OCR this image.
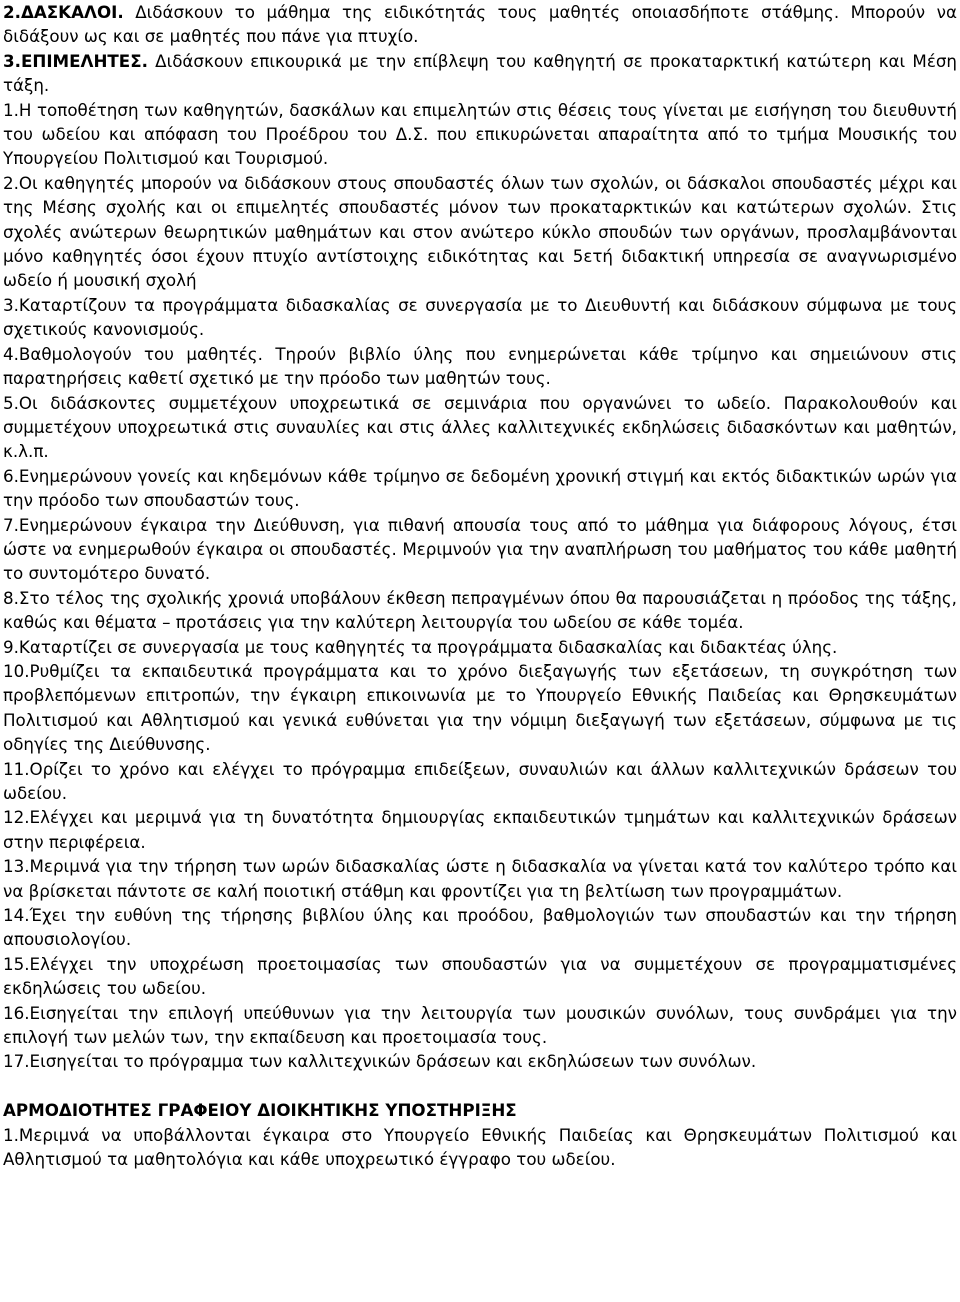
2.ΔΑΣΚΑΛΟΙ. Διδάσκουν το μάθημα της ειδικότητάς τους μαθητές οποιασδήποτε στάθμης. Μπορούν να διδάξουν ως και σε μαθητές που πάνε για πτυχίο.

3.ΕΠΙΜΕΛΗΤΕΣ. Διδάσκουν επικουρικά με την επίβλεψη του καθηγητή σε προκαταρκτική κατώτερη και Μέση τάξη.

1.Η τοποθέτηση των καθηγητών, δασκάλων και επιμελητών στις θέσεις τους γίνεται με εισήγηση του διευθυντή του ωδείου και απόφαση του Προέδρου του Δ.Σ. που επικυρώνεται απαραίτητα από το τμήμα Μουσικής του Υπουργείου Πολιτισμού και Τουρισμού.

2.Οι καθηγητές μπορούν να διδάσκουν στους σπουδαστές όλων των σχολών, οι δάσκαλοι σπουδαστές μέχρι και της Μέσης σχολής και οι επιμελητές σπουδαστές μόνον των προκαταρκτικών και κατώτερων σχολών. Στις σχολές ανώτερων θεωρητικών μαθημάτων και στον ανώτερο κύκλο σπουδών των οργάνων, προσλαμβάνονται μόνο καθηγητές όσοι έχουν πτυχίο αντίστοιχης ειδικότητας και 5ετή διδακτική υπηρεσία σε αναγνωρισμένο ωδείο ή μουσική σχολή

3.Καταρτίζουν τα προγράμματα διδασκαλίας σε συνεργασία με το Διευθυντή και διδάσκουν σύμφωνα με τους σχετικούς κανονισμούς.

4.Βαθμολογούν του μαθητές. Τηρούν βιβλίο ύλης που ενημερώνεται κάθε τρίμηνο και σημειώνουν στις παρατηρήσεις καθετί σχετικό με την πρόοδο των μαθητών τους.

5.Οι διδάσκοντες συμμετέχουν υποχρεωτικά σε σεμινάρια που οργανώνει το ωδείο. Παρακολουθούν και συμμετέχουν υποχρεωτικά στις συναυλίες και στις άλλες καλλιτεχνικές εκδηλώσεις διδασκόντων και μαθητών, κ.λ.π.

6.Ενημερώνουν γονείς και κηδεμόνων κάθε τρίμηνο σε δεδομένη χρονική στιγμή και εκτός διδακτικών ωρών για την πρόοδο των σπουδαστών τους.

7.Ενημερώνουν έγκαιρα την Διεύθυνση, για πιθανή απουσία τους από το μάθημα για διάφορους λόγους, έτσι ώστε να ενημερωθούν έγκαιρα οι σπουδαστές. Μεριμνούν για την αναπλήρωση του μαθήματος του κάθε μαθητή το συντομότερο δυνατό.

8.Στο τέλος της σχολικής χρονιά υποβάλουν έκθεση πεπραγμένων όπου θα παρουσιάζεται η πρόοδος της τάξης, καθώς και θέματα – προτάσεις για την καλύτερη λειτουργία του ωδείου σε κάθε τομέα.

9.Καταρτίζει σε συνεργασία με τους καθηγητές τα προγράμματα διδασκαλίας και διδακτέας ύλης.

10.Ρυθμίζει τα εκπαιδευτικά προγράμματα και το χρόνο διεξαγωγής των εξετάσεων, τη συγκρότηση των προβλεπόμενων επιτροπών, την έγκαιρη επικοινωνία με το Υπουργείο Εθνικής Παιδείας και Θρησκευμάτων Πολιτισμού και Αθλητισμού και γενικά ευθύνεται για την νόμιμη διεξαγωγή των εξετάσεων, σύμφωνα με τις οδηγίες της Διεύθυνσης.

11.Ορίζει το χρόνο και ελέγχει το πρόγραμμα επιδείξεων, συναυλιών και άλλων καλλιτεχνικών δράσεων του ωδείου.

12.Ελέγχει και μεριμνά για τη δυνατότητα δημιουργίας εκπαιδευτικών τμημάτων και καλλιτεχνικών δράσεων στην περιφέρεια.

13.Μεριμνά για την τήρηση των ωρών διδασκαλίας ώστε η διδασκαλία να γίνεται κατά τον καλύτερο τρόπο και να βρίσκεται πάντοτε σε καλή ποιοτική στάθμη και φροντίζει για τη βελτίωση των προγραμμάτων.

14.Έχει την ευθύνη της τήρησης βιβλίου ύλης και προόδου, βαθμολογιών των σπουδαστών και την τήρηση απουσιολογίου.

15.Ελέγχει την υποχρέωση προετοιμασίας των σπουδαστών για να συμμετέχουν σε προγραμματισμένες εκδηλώσεις του ωδείου.

16.Εισηγείται την επιλογή υπεύθυνων για την λειτουργία των μουσικών συνόλων, τους συνδράμει για την επιλογή των μελών των, την εκπαίδευση και προετοιμασία τους.

17.Εισηγείται το πρόγραμμα των καλλιτεχνικών δράσεων και εκδηλώσεων των συνόλων.

ΑΡΜΟΔΙΟΤΗΤΕΣ ΓΡΑΦΕΙΟΥ ΔΙΟΙΚΗΤΙΚΗΣ ΥΠΟΣΤΗΡΙΞΗΣ

1.Μεριμνά να υποβάλλονται έγκαιρα στο Υπουργείο Εθνικής Παιδείας και Θρησκευμάτων Πολιτισμού και Αθλητισμού τα μαθητολόγια και κάθε υποχρεωτικό έγγραφο του ωδείου.
